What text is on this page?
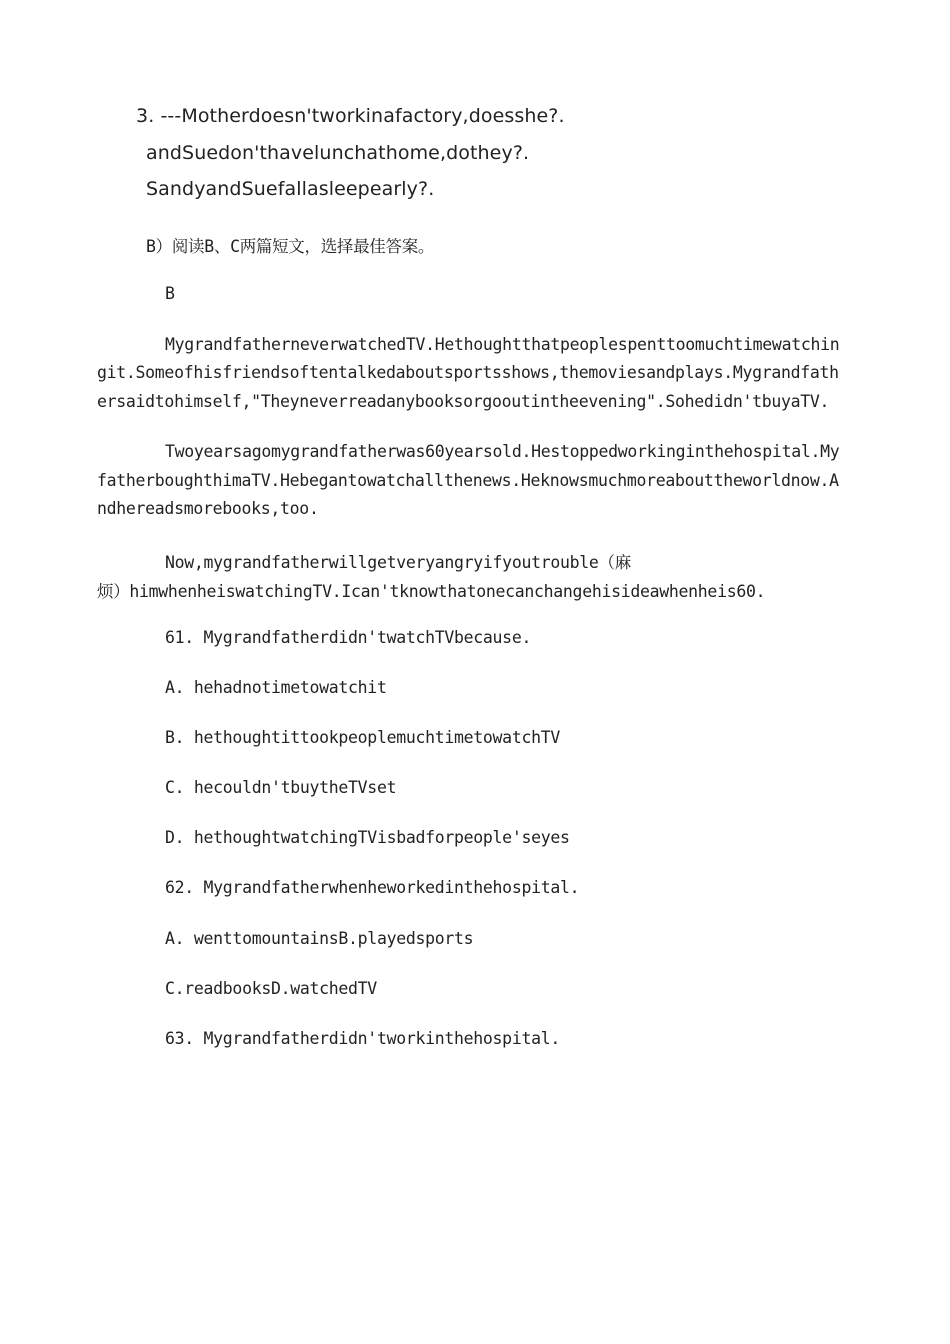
3. ---Motherdoesn'tworkinafactory,doesshe?.
andSuedon'thavelunchathome,dothey?.
SandyandSuefallasleepearly?.
B）阅读B、C两篇短文，选择最佳答案。
B
MygrandfatherneverwatchedTV.Hethoughtthatpeoplespenttoomuchtimewatchin
git.Someofhisfriendsoftentalkedaboutsportsshows,themoviesandplays.Mygrandfath
ersaidtohimself,"Theyneverreadanybooksorgooutintheevening".Sohedidn'tbuyaTV.
Twoyearsagomygrandfatherwas60yearsold.Hestoppedworkinginthehospital.My
fatherboughthimaTV.Hebegantowatchallthenews.Heknowsmuchmoreabouttheworldnow.A
ndhereadsmorebooks,too.
Now,mygrandfatherwillgetveryangryifyoutrouble（麻
烦）himwhenheiswatchingTV.Ican'tknowthatonecanchangehisideawhenheis60.
61. Mygrandfatherdidn'twatchTVbecause.
A. hehadnotimetowatchit
B. hethoughtittookpeoplemuchtimetowatchTV
C. hecouldn'tbuytheTVset
D. hethoughtwatchingTVisbadforpeople'seyes
62. Mygrandfatherwhenheworkedinthehospital.
A. wenttomountainsB.playedsports
C.readbooksD.watchedTV
63. Mygrandfatherdidn'tworkinthehospital.
